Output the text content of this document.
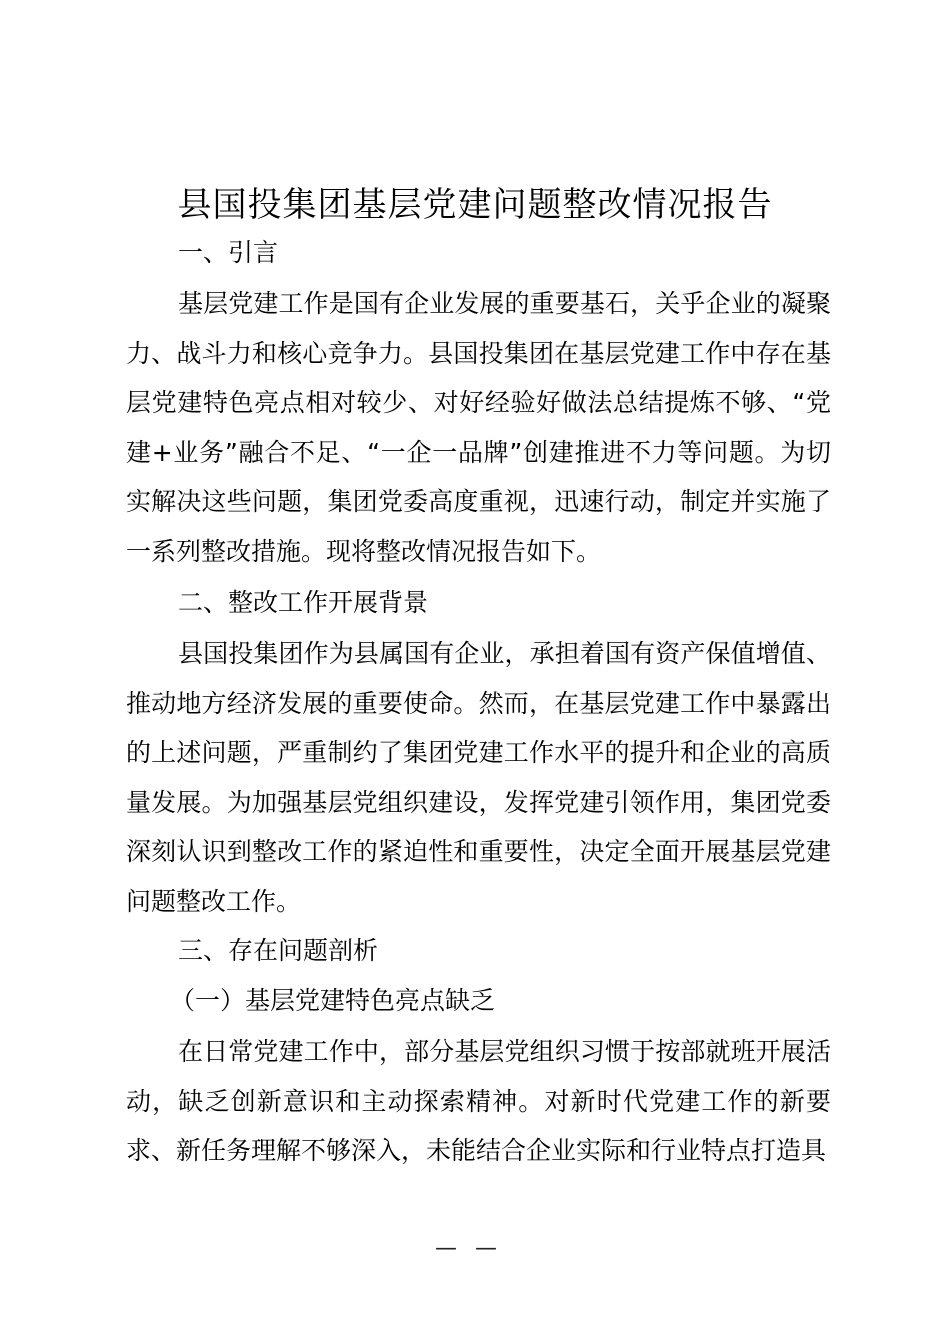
县国投集团基层党建问题整改情况报告
一、引言
基层党建工作是国有企业发展的重要基石，关乎企业的凝聚力、战斗力和核心竞争力。县国投集团在基层党建工作中存在基层党建特色亮点相对较少、对好经验好做法总结提炼不够、“党建+业务”融合不足、“一企一品牌”创建推进不力等问题。为切实解决这些问题，集团党委高度重视，迅速行动，制定并实施了一系列整改措施。现将整改情况报告如下。
二、整改工作开展背景
县国投集团作为县属国有企业，承担着国有资产保值增值、推动地方经济发展的重要使命。然而，在基层党建工作中暴露出的上述问题，严重制约了集团党建工作水平的提升和企业的高质量发展。为加强基层党组织建设，发挥党建引领作用，集团党委深刻认识到整改工作的紧迫性和重要性，决定全面开展基层党建问题整改工作。
三、存在问题剖析
（一）基层党建特色亮点缺乏
在日常党建工作中，部分基层党组织习惯于按部就班开展活动，缺乏创新意识和主动探索精神。对新时代党建工作的新要求、新任务理解不够深入，未能结合企业实际和行业特点打造具
——
